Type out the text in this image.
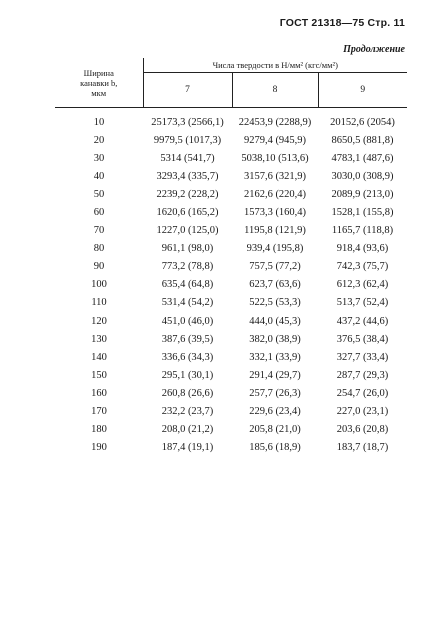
ГОСТ 21318—75 Стр. 11
Продолжение
Ширина
канавки b,
мкм	Числа твердости в Н/мм² (кгс/мм²)		
	7	8	9
10	25173,3 (2566,1)	22453,9 (2288,9)	20152,6 (2054)
20	9979,5 (1017,3)	9279,4 (945,9)	8650,5 (881,8)
30	5314 (541,7)	5038,10 (513,6)	4783,1 (487,6)
40	3293,4 (335,7)	3157,6 (321,9)	3030,0 (308,9)
50	2239,2 (228,2)	2162,6 (220,4)	2089,9 (213,0)
60	1620,6 (165,2)	1573,3 (160,4)	1528,1 (155,8)
70	1227,0 (125,0)	1195,8 (121,9)	1165,7 (118,8)
80	961,1 (98,0)	939,4 (195,8)	918,4 (93,6)
90	773,2 (78,8)	757,5 (77,2)	742,3 (75,7)
100	635,4 (64,8)	623,7 (63,6)	612,3 (62,4)
110	531,4 (54,2)	522,5 (53,3)	513,7 (52,4)
120	451,0 (46,0)	444,0 (45,3)	437,2 (44,6)
130	387,6 (39,5)	382,0 (38,9)	376,5 (38,4)
140	336,6 (34,3)	332,1 (33,9)	327,7 (33,4)
150	295,1 (30,1)	291,4 (29,7)	287,7 (29,3)
160	260,8 (26,6)	257,7 (26,3)	254,7 (26,0)
170	232,2 (23,7)	229,6 (23,4)	227,0 (23,1)
180	208,0 (21,2)	205,8 (21,0)	203,6 (20,8)
190	187,4 (19,1)	185,6 (18,9)	183,7 (18,7)
